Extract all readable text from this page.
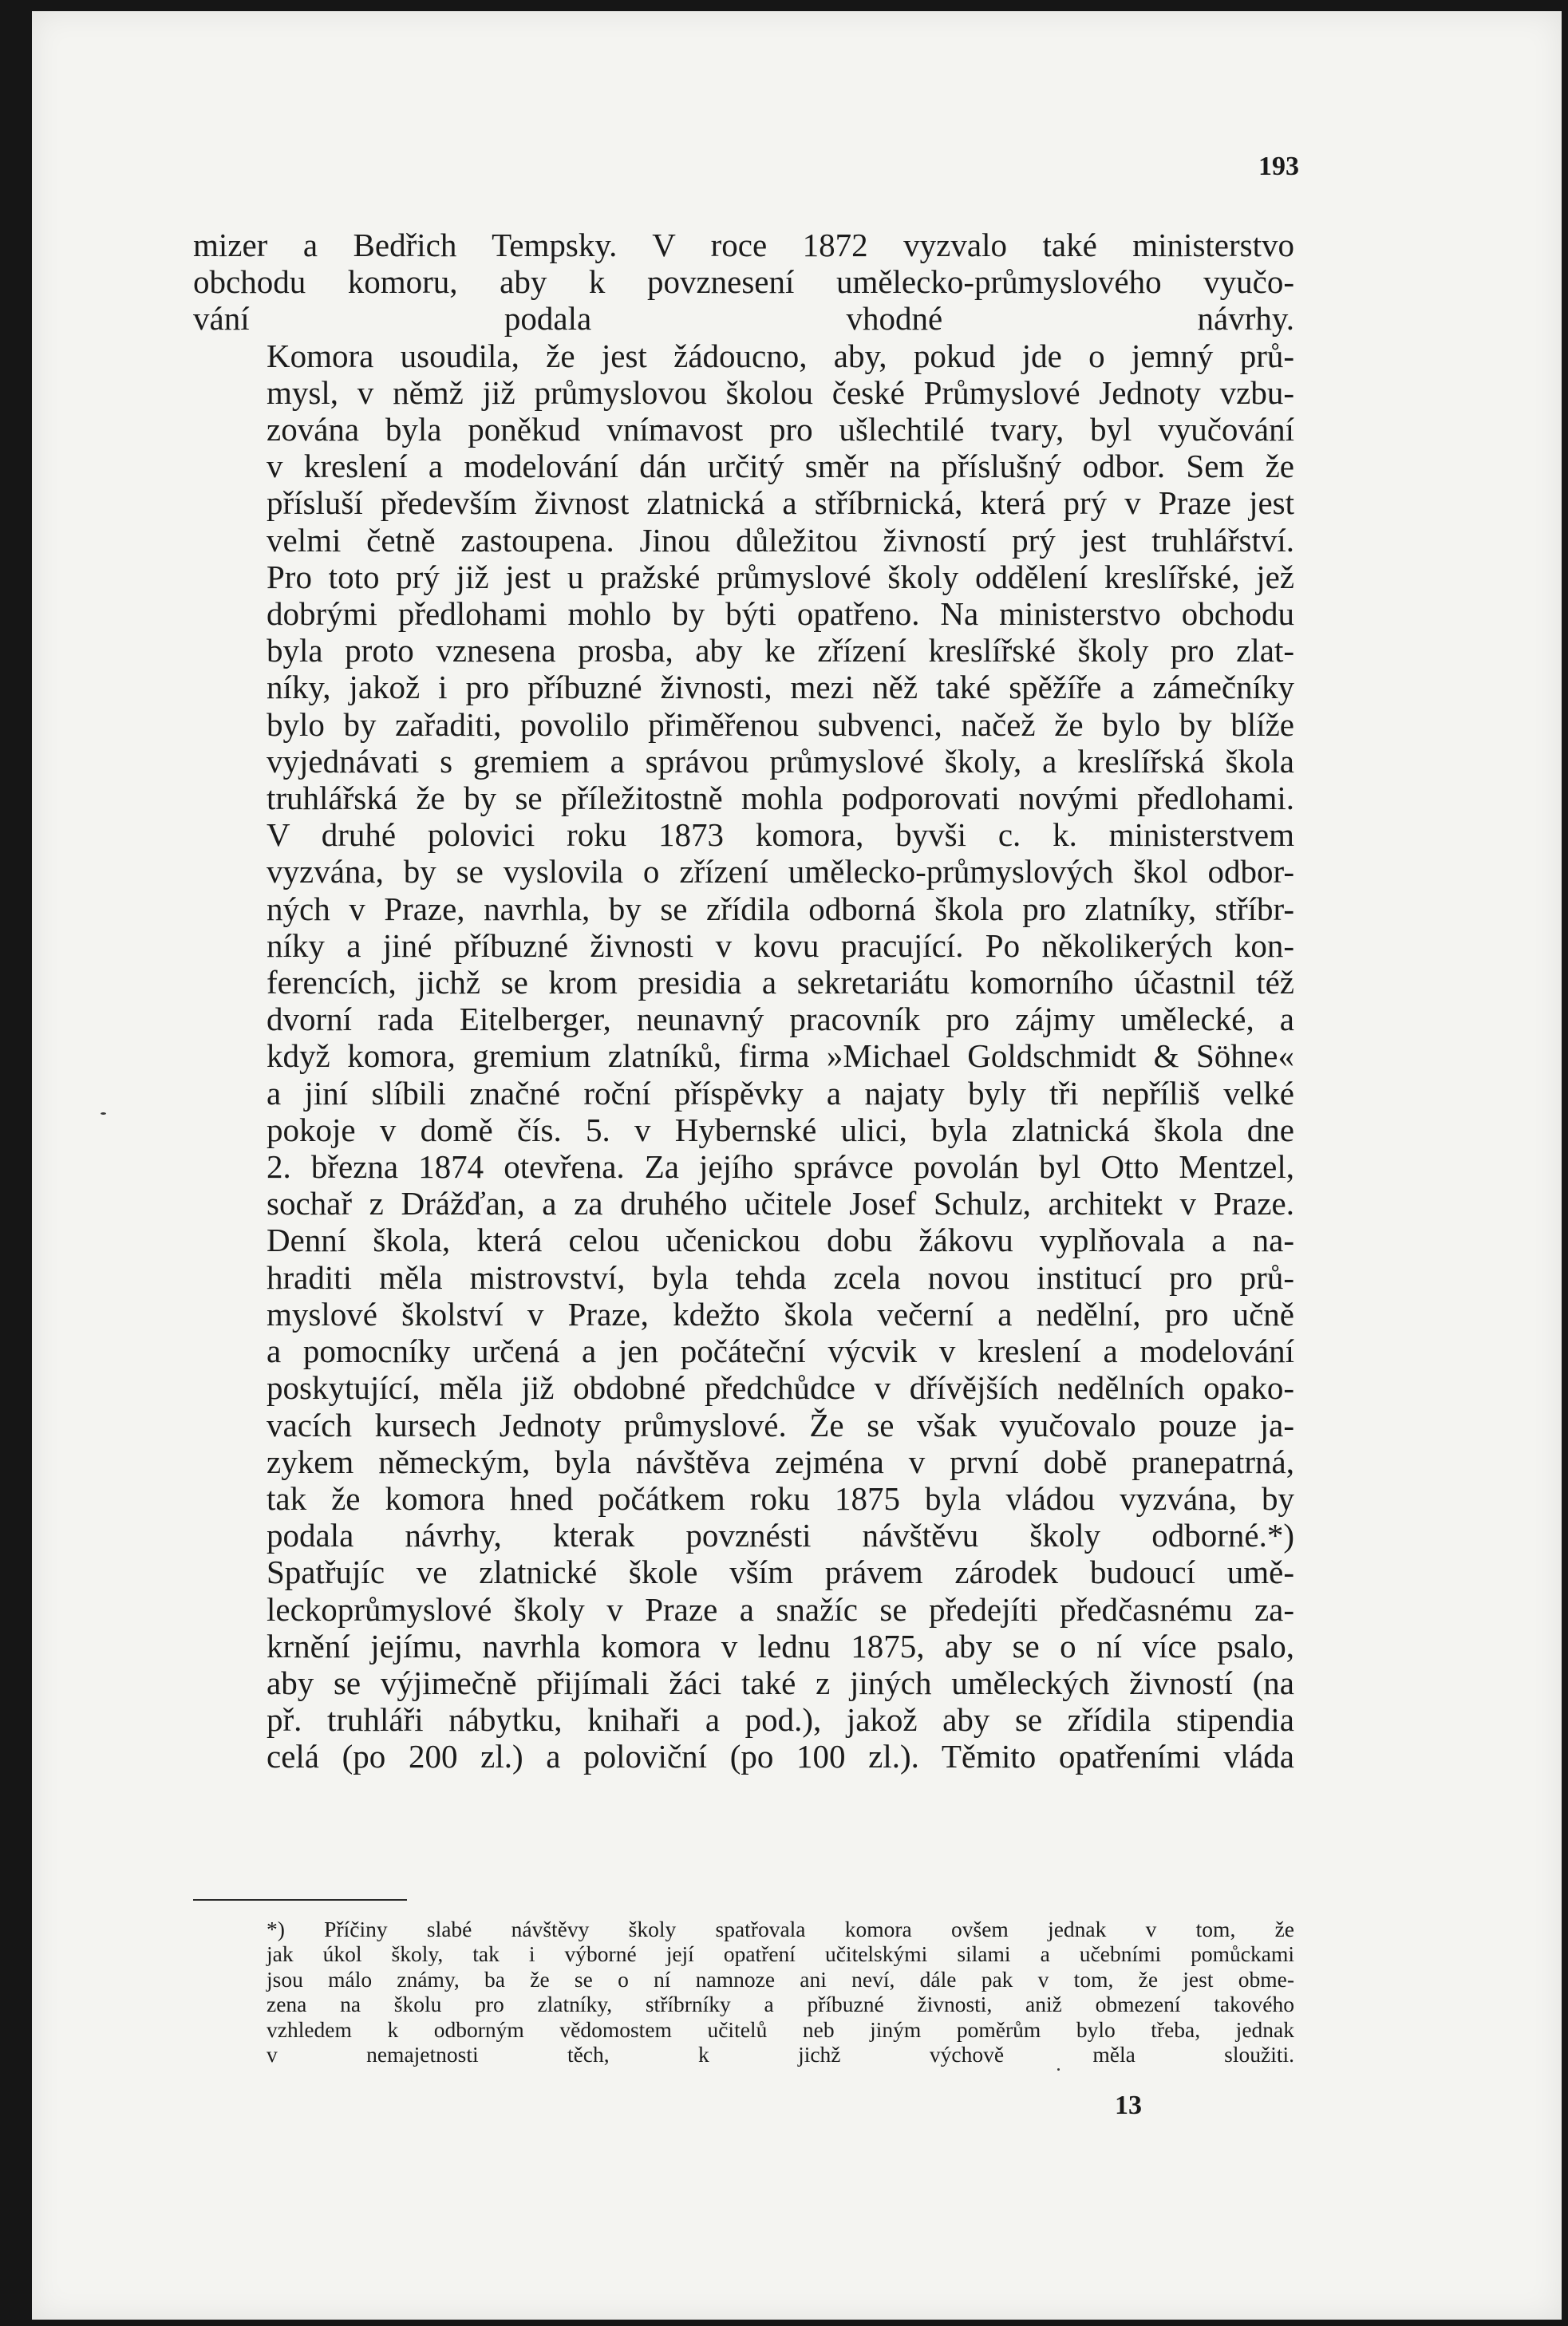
193

mizer a Bedřich Tempsky. V roce 1872 vyzvalo také ministerstvo
obchodu komoru, aby k povznesení umělecko-průmyslového vyučo-
vání podala vhodné návrhy.

Komora usoudila, že jest žádoucno, aby, pokud jde o jemný prů-
mysl, v němž již průmyslovou školou české Průmyslové Jednoty vzbu-
zována byla poněkud vnímavost pro ušlechtilé tvary, byl vyučování
v kreslení a modelování dán určitý směr na příslušný odbor. Sem že
přísluší především živnost zlatnická a stříbrnická, která prý v Praze jest
velmi četně zastoupena. Jinou důležitou živností prý jest truhlářství.
Pro toto prý již jest u pražské průmyslové školy oddělení kreslířské, jež
dobrými předlohami mohlo by býti opatřeno. Na ministerstvo obchodu
byla proto vznesena prosba, aby ke zřízení kreslířské školy pro zlat-
níky, jakož i pro příbuzné živnosti, mezi něž také spěžíře a zámečníky
bylo by zařaditi, povolilo přiměřenou subvenci, načež že bylo by blíže
vyjednávati s gremiem a správou průmyslové školy, a kreslířská škola
truhlářská že by se příležitostně mohla podporovati novými předlohami.

V druhé polovici roku 1873 komora, byvši c. k. ministerstvem
vyzvána, by se vyslovila o zřízení umělecko-průmyslových škol odbor-
ných v Praze, navrhla, by se zřídila odborná škola pro zlatníky, stříbr-
níky a jiné příbuzné živnosti v kovu pracující. Po několikerých kon-
ferencích, jichž se krom presidia a sekretariátu komorního účastnil též
dvorní rada Eitelberger, neunavný pracovník pro zájmy umělecké, a
když komora, gremium zlatníků, firma »Michael Goldschmidt & Söhne«
a jiní slíbili značné roční příspěvky a najaty byly tři nepříliš velké
pokoje v domě čís. 5. v Hybernské ulici, byla zlatnická škola dne
2. března 1874 otevřena. Za jejího správce povolán byl Otto Mentzel,
sochař z Drážďan, a za druhého učitele Josef Schulz, architekt v Praze.

Denní škola, která celou učenickou dobu žákovu vyplňovala a na-
hraditi měla mistrovství, byla tehda zcela novou institucí pro prů-
myslové školství v Praze, kdežto škola večerní a nedělní, pro učně
a pomocníky určená a jen počáteční výcvik v kreslení a modelování
poskytující, měla již obdobné předchůdce v dřívějších nedělních opako-
vacích kursech Jednoty průmyslové. Že se však vyučovalo pouze ja-
zykem německým, byla návštěva zejména v první době pranepatrná,
tak že komora hned počátkem roku 1875 byla vládou vyzvána, by
podala návrhy, kterak povznésti návštěvu školy odborné.*)

Spatřujíc ve zlatnické škole vším právem zárodek budoucí umě-
leckoprůmyslové školy v Praze a snažíc se předejíti předčasnému za-
krnění jejímu, navrhla komora v lednu 1875, aby se o ní více psalo,
aby se výjimečně přijímali žáci také z jiných uměleckých živností (na
př. truhláři nábytku, knihaři a pod.), jakož aby se zřídila stipendia
celá (po 200 zl.) a poloviční (po 100 zl.). Těmito opatřeními vláda

*) Příčiny slabé návštěvy školy spatřovala komora ovšem jednak v tom, že
jak úkol školy, tak i výborné její opatření učitelskými silami a učebními pomůckami
jsou málo známy, ba že se o ní namnoze ani neví, dále pak v tom, že jest obme-
zena na školu pro zlatníky, stříbrníky a příbuzné živnosti, aniž obmezení takového
vzhledem k odborným vědomostem učitelů neb jiným poměrům bylo třeba, jednak
v nemajetnosti těch, k jichž výchově měla sloužiti.
13
